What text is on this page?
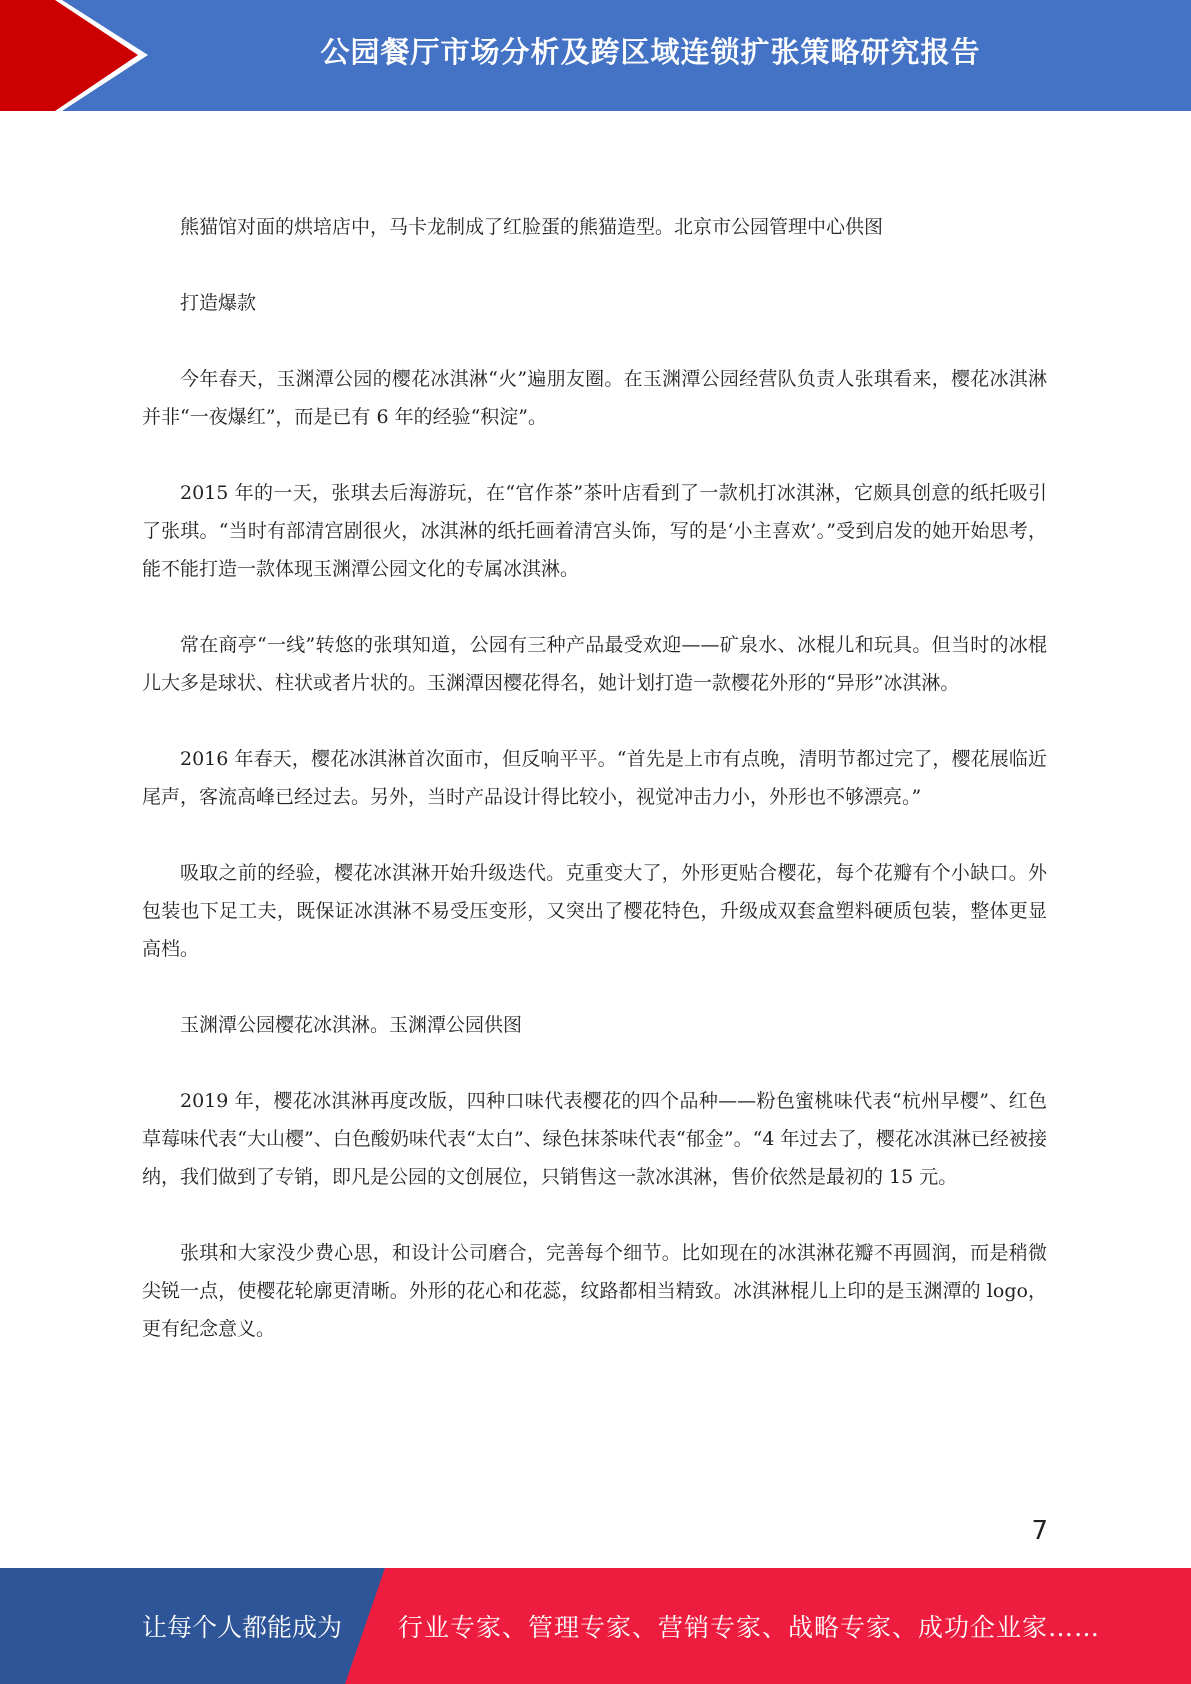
公园餐厅市场分析及跨区域连锁扩张策略研究报告

熊猫馆对面的烘培店中，马卡龙制成了红脸蛋的熊猫造型。北京市公园管理中心供图

打造爆款

今年春天，玉渊潭公园的樱花冰淇淋“火”遍朋友圈。在玉渊潭公园经营队负责人张琪看来，樱花冰淇淋并非“一夜爆红”，而是已有 6 年的经验“积淀”。

2015 年的一天，张琪去后海游玩，在“官作茶”茶叶店看到了一款机打冰淇淋，它颇具创意的纸托吸引了张琪。“当时有部清宫剧很火，冰淇淋的纸托画着清宫头饰，写的是‘小主喜欢’。”受到启发的她开始思考，能不能打造一款体现玉渊潭公园文化的专属冰淇淋。

常在商亭“一线”转悠的张琪知道，公园有三种产品最受欢迎——矿泉水、冰棍儿和玩具。但当时的冰棍儿大多是球状、柱状或者片状的。玉渊潭因樱花得名，她计划打造一款樱花外形的“异形”冰淇淋。

2016 年春天，樱花冰淇淋首次面市，但反响平平。“首先是上市有点晚，清明节都过完了，樱花展临近尾声，客流高峰已经过去。另外，当时产品设计得比较小，视觉冲击力小，外形也不够漂亮。”

吸取之前的经验，樱花冰淇淋开始升级迭代。克重变大了，外形更贴合樱花，每个花瓣有个小缺口。外包装也下足工夫，既保证冰淇淋不易受压变形，又突出了樱花特色，升级成双套盒塑料硬质包装，整体更显高档。

玉渊潭公园樱花冰淇淋。玉渊潭公园供图

2019 年，樱花冰淇淋再度改版，四种口味代表樱花的四个品种——粉色蜜桃味代表“杭州早樱”、红色草莓味代表“大山樱”、白色酸奶味代表“太白”、绿色抹茶味代表“郁金”。“4 年过去了，樱花冰淇淋已经被接纳，我们做到了专销，即凡是公园的文创展位，只销售这一款冰淇淋，售价依然是最初的 15 元。

张琪和大家没少费心思，和设计公司磨合，完善每个细节。比如现在的冰淇淋花瓣不再圆润，而是稍微尖锐一点，使樱花轮廓更清晰。外形的花心和花蕊，纹路都相当精致。冰淇淋棍儿上印的是玉渊潭的 logo，更有纪念意义。

7
让每个人都能成为 行业专家、管理专家、营销专家、战略专家、成功企业家……
